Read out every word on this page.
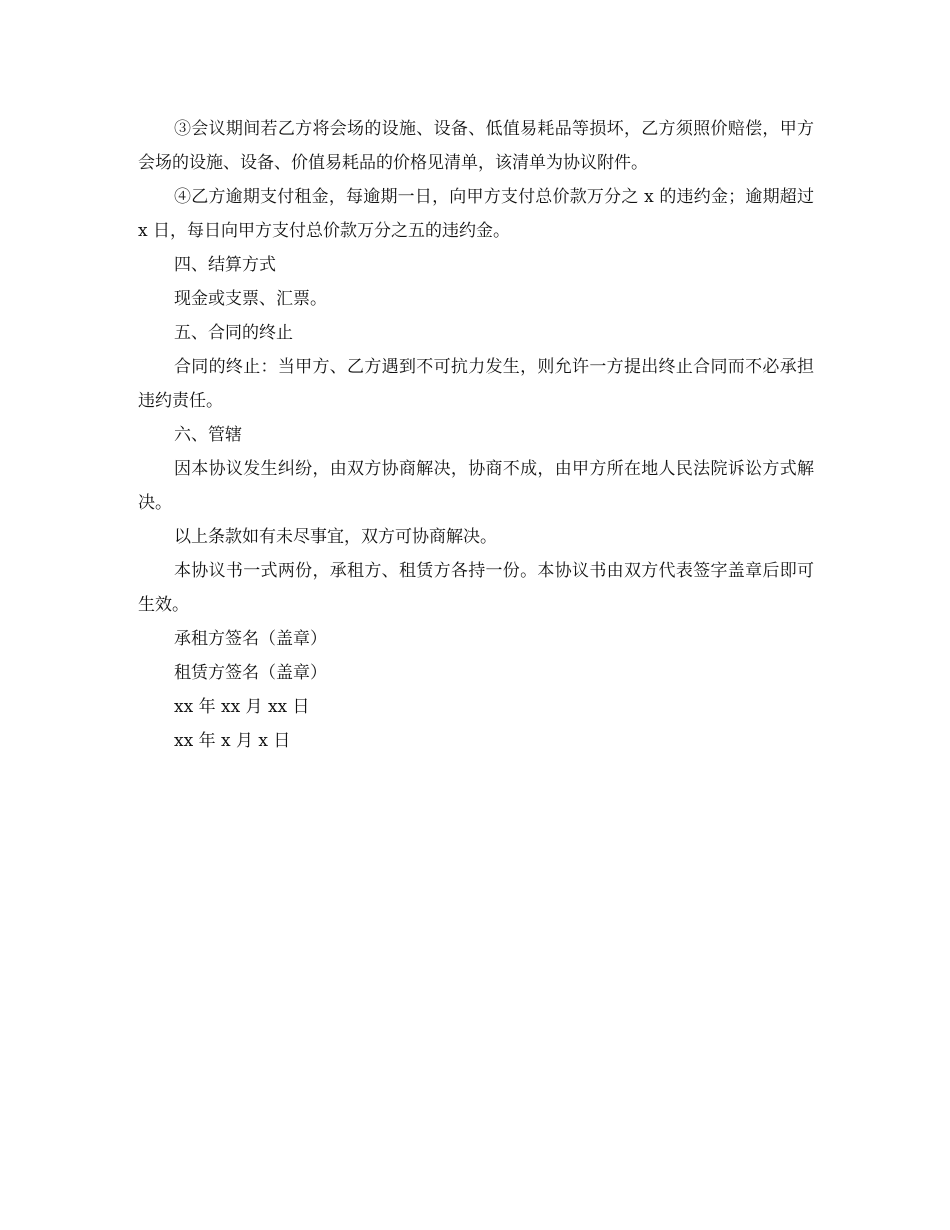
③会议期间若乙方将会场的设施、设备、低值易耗品等损坏，乙方须照价赔偿，甲方会场的设施、设备、价值易耗品的价格见清单，该清单为协议附件。

④乙方逾期支付租金，每逾期一日，向甲方支付总价款万分之 x 的违约金；逾期超过 x 日，每日向甲方支付总价款万分之五的违约金。

四、结算方式

现金或支票、汇票。

五、合同的终止

合同的终止：当甲方、乙方遇到不可抗力发生，则允许一方提出终止合同而不必承担违约责任。

六、管辖

因本协议发生纠纷，由双方协商解决，协商不成，由甲方所在地人民法院诉讼方式解决。

以上条款如有未尽事宜，双方可协商解决。

本协议书一式两份，承租方、租赁方各持一份。本协议书由双方代表签字盖章后即可生效。

承租方签名（盖章）

租赁方签名（盖章）

xx 年 xx 月 xx 日

xx 年 x 月 x 日
